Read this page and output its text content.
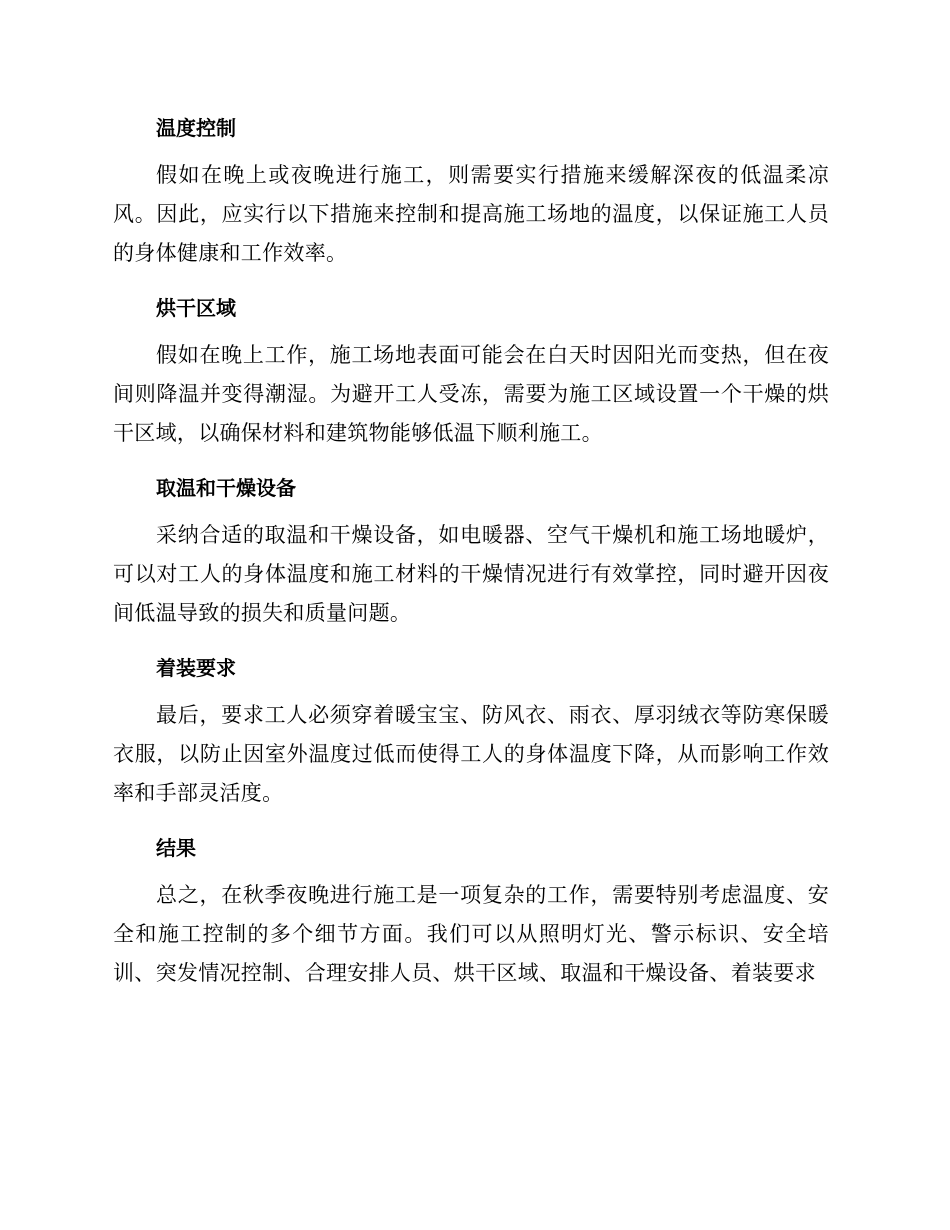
温度控制

假如在晚上或夜晚进行施工，则需要实行措施来缓解深夜的低温柔凉风。因此，应实行以下措施来控制和提高施工场地的温度，以保证施工人员的身体健康和工作效率。

烘干区域

假如在晚上工作，施工场地表面可能会在白天时因阳光而变热，但在夜间则降温并变得潮湿。为避开工人受冻，需要为施工区域设置一个干燥的烘干区域，以确保材料和建筑物能够低温下顺利施工。

取温和干燥设备

采纳合适的取温和干燥设备，如电暖器、空气干燥机和施工场地暖炉，可以对工人的身体温度和施工材料的干燥情况进行有效掌控，同时避开因夜间低温导致的损失和质量问题。

着装要求

最后，要求工人必须穿着暖宝宝、防风衣、雨衣、厚羽绒衣等防寒保暖衣服，以防止因室外温度过低而使得工人的身体温度下降，从而影响工作效率和手部灵活度。

结果

总之，在秋季夜晚进行施工是一项复杂的工作，需要特别考虑温度、安全和施工控制的多个细节方面。我们可以从照明灯光、警示标识、安全培训、突发情况控制、合理安排人员、烘干区域、取温和干燥设备、着装要求
